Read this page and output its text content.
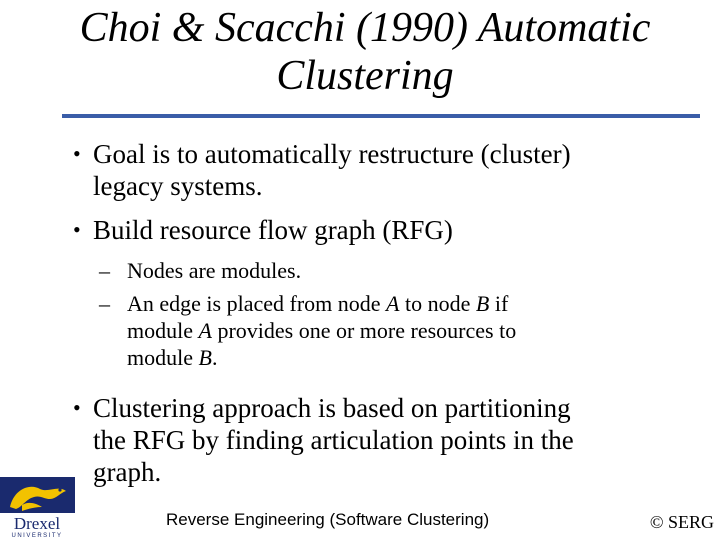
Choi & Scacchi (1990) Automatic
Clustering
• Goal is to automatically restructure (cluster)
legacy systems.
• Build resource flow graph (RFG)
– Nodes are modules.
– An edge is placed from node A to node B if
module A provides one or more resources to
module B.
• Clustering approach is based on partitioning
the RFG by finding articulation points in the
graph.
Drexel
UNIVERSITY
Reverse Engineering (Software Clustering)	© SERG
